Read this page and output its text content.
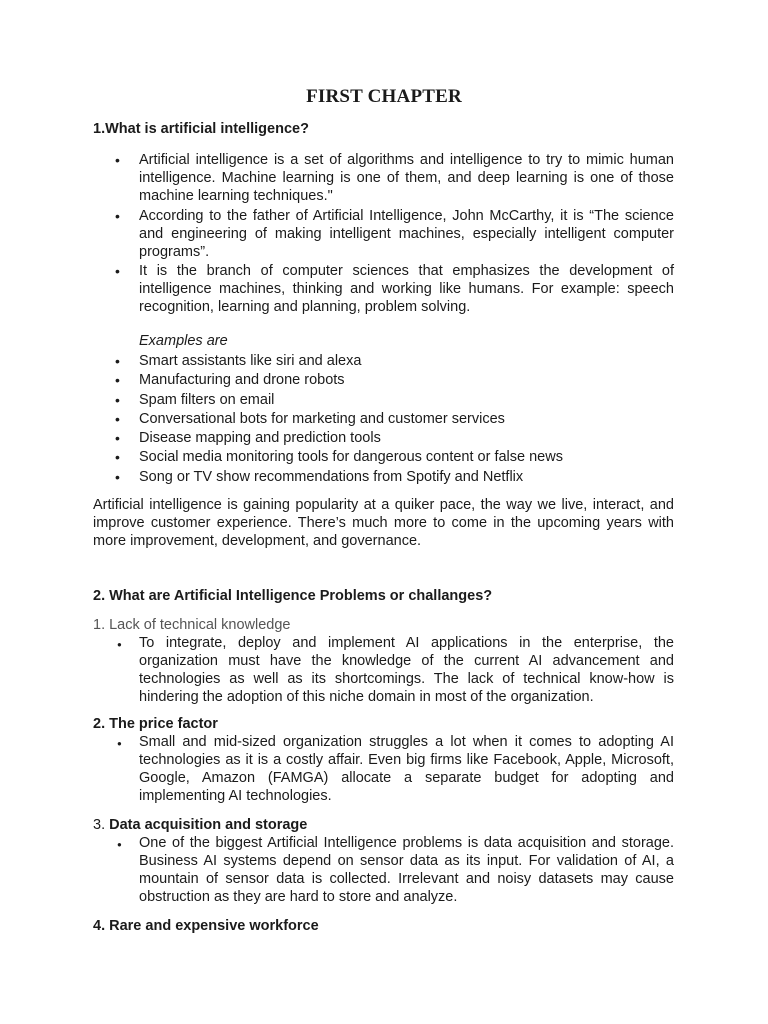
FIRST CHAPTER
1.What is artificial intelligence?
• Artificial intelligence is a set of algorithms and intelligence to try to mimic human intelligence. Machine learning is one of them, and deep learning is one of those machine learning techniques."
• According to the father of Artificial Intelligence, John McCarthy, it is “The science and engineering of making intelligent machines, especially intelligent computer programs”.
• It is the branch of computer sciences that emphasizes the development of intelligence machines, thinking and working like humans. For example: speech recognition, learning and planning, problem solving.
Examples are
• Smart assistants like siri and alexa
• Manufacturing and drone robots
• Spam filters on email
• Conversational bots for marketing and customer services
• Disease mapping and prediction tools
• Social media monitoring tools for dangerous content or false news
• Song or TV show recommendations from Spotify and Netflix
Artificial intelligence is gaining popularity at a quiker pace, the way we live, interact, and improve customer experience. There’s much more to come in the upcoming years with more improvement, development, and governance.
2. What are Artificial Intelligence Problems or challanges?
1. Lack of technical knowledge
● To integrate, deploy and implement AI applications in the enterprise, the organization must have the knowledge of the current AI advancement and technologies as well as its shortcomings. The lack of technical know-how is hindering the adoption of this niche domain in most of the organization.
2. The price factor
● Small and mid-sized organization struggles a lot when it comes to adopting AI technologies as it is a costly affair. Even big firms like Facebook, Apple, Microsoft, Google, Amazon (FAMGA) allocate a separate budget for adopting and implementing AI technologies.
3. Data acquisition and storage
● One of the biggest Artificial Intelligence problems is data acquisition and storage. Business AI systems depend on sensor data as its input. For validation of AI, a mountain of sensor data is collected. Irrelevant and noisy datasets may cause obstruction as they are hard to store and analyze.
4. Rare and expensive workforce
